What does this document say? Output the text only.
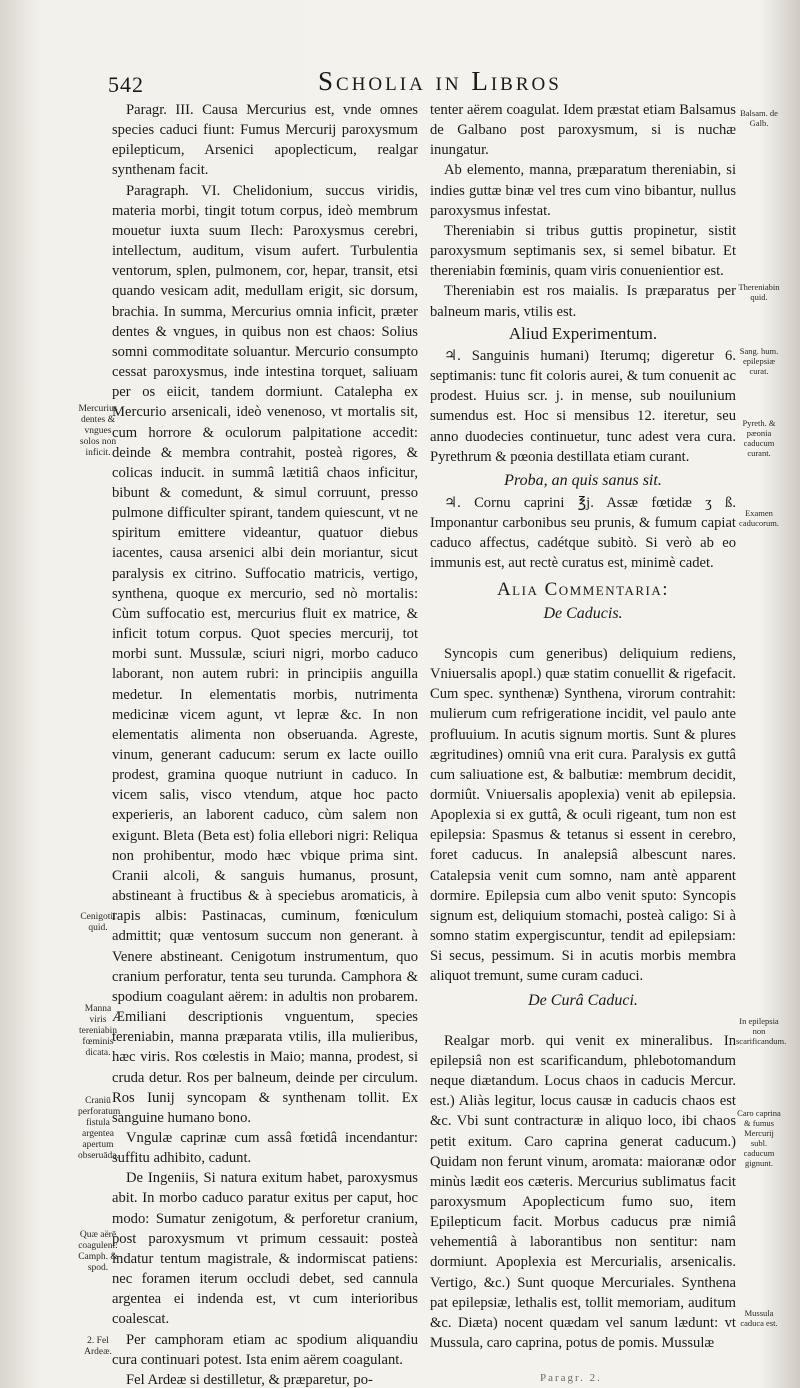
542	Scholia in Libros

Paragr. III. Causa Mercurius est, vnde omnes species caduci fiunt: Fumus Mercurij paroxysmum epilepticum, Arsenici apoplecticum, realgar synthenam facit.

Paragraph. VI. Chelidonium, succus viridis, materia morbi, tingit totum corpus, ideò membrum mouetur iuxta suum Ilech: Paroxysmus cerebri, intellectum, auditum, visum aufert. Turbulentia ventorum, splen, pulmonem, cor, hepar, transit, etsi quando vesicam adit, medullam erigit, sic dorsum, brachia. In summa, Mercurius omnia inficit, præter dentes & vngues, in quibus non est chaos: Solius somni commoditate soluantur. Mercurio consumpto cessat paroxysmus, inde intestina torquet, saliuam per os eiicit, tandem dormiunt. Catalepha ex Mercurio arsenicali, ideò venenoso, vt mortalis sit, cum horrore & oculorum palpitatione accedit: deinde & membra contrahit, posteà rigores, & colicas inducit. in summâ lætitiâ chaos inficitur, bibunt & comedunt, & simul corruunt, presso pulmone difficulter spirant, tandem quiescunt, vt ne spiritum emittere videantur, quatuor diebus iacentes, causa arsenici albi dein moriantur, sicut paralysis ex citrino. Suffocatio matricis, vertigo, synthena, quoque ex mercurio, sed nò mortalis: Cùm suffocatio est, mercurius fluit ex matrice, & inficit totum corpus. Quot species mercurij, tot morbi sunt. Mussulæ, sciuri nigri, morbo caduco laborant, non autem rubri: in principiis anguilla medetur. In elementatis morbis, nutrimenta medicinæ vicem agunt, vt lepræ &c. In non elementatis alimenta non obseruanda. Agreste, vinum, generant caducum: serum ex lacte ouillo prodest, gramina quoque nutriunt in caduco. In vicem salis, visco vtendum, atque hoc pacto experieris, an laborent caduco, cùm salem non exigunt. Bleta (Beta est) folia ellebori nigri: Reliqua non prohibentur, modo hæc vbique prima sint. Cranii alcoli, & sanguis humanus, prosunt, abstineant à fructibus & à speciebus aromaticis, à rapis albis: Pastinacas, cuminum, fœniculum admittit; quæ ventosum succum non generant. à Venere abstineant. Cenigotum instrumentum, quo cranium perforatur, tenta seu turunda. Camphora & spodium coagulant aërem: in adultis non probarem. Æmiliani descriptionis vnguentum, species tereniabin, manna præparata vtilis, illa mulieribus, hæc viris. Ros cœlestis in Maio; manna, prodest, si cruda detur. Ros per balneum, deinde per circulum. Ros Iunij syncopam & synthenam tollit. Ex sanguine humano bono.

Vngulæ caprinæ cum assâ fœtidâ incendantur: suffitu adhibito, cadunt.

De Ingeniis, Si natura exitum habet, paroxysmus abit. In morbo caduco paratur exitus per caput, hoc modo: Sumatur zenigotum, & perforetur cranium, post paroxysmum vt primum cessauit: posteà indatur tentum magistrale, & indormiscat patiens: nec foramen iterum occludi debet, sed cannula argentea ei indenda est, vt cum interioribus coalescat.

Per camphoram etiam ac spodium aliquandiu cura continuari potest. Ista enim aërem coagulant.

Fel Ardeæ si destilletur, & præparetur, po-

tenter aërem coagulat. Idem præstat etiam Balsamus de Galbano post paroxysmum, si is nuchæ inungatur.

Ab elemento, manna, præparatum thereniabin, si indies guttæ binæ vel tres cum vino bibantur, nullus paroxysmus infestat.

Thereniabin si tribus guttis propinetur, sistit paroxysmum septimanis sex, si semel bibatur. Et thereniabin fœminis, quam viris conuenientior est.

Thereniabin est ros maialis. Is præparatus per balneum maris, vtilis est.

Aliud Experimentum.

♃. Sanguinis humani) Iterumq; digeretur 6. septimanis: tunc fit coloris aurei, & tum conuenit ac prodest. Huius scr. j. in mense, sub nouilunium sumendus est. Hoc si mensibus 12. iteretur, seu anno duodecies continuetur, tunc adest vera cura. Pyrethrum & pœonia destillata etiam curant.

Proba, an quis sanus sit.

♃. Cornu caprini ℥j. Assæ fœtidæ ʒ ß. Imponantur carbonibus seu prunis, & fumum capiat caduco affectus, cadétque subitò. Si verò ab eo immunis est, aut rectè curatus est, minimè cadet.

Alia Commentaria:

De Caducis.

Syncopis cum generibus) deliquium rediens, Vniuersalis apopl.) quæ statim conuellit & rigefacit. Cum spec. synthenæ) Synthena, virorum contrahit: mulierum cum refrigeratione incidit, vel paulo ante profluuium. In acutis signum mortis. Sunt & plures ægritudines) omniû vna erit cura. Paralysis ex guttâ cum saliuatione est, & balbutiæ: membrum decidit, dormiût. Vniuersalis apoplexia) venit ab epilepsia. Apoplexia si ex guttâ, & oculi rigeant, tum non est epilepsia: Spasmus & tetanus si essent in cerebro, foret caducus. In analepsiâ albescunt nares. Catalepsia venit cum somno, nam antè apparent dormire. Epilepsia cum albo venit sputo: Syncopis signum est, deliquium stomachi, posteà caligo: Si à somno statim expergiscuntur, tendit ad epilepsiam: Si secus, pessimum. Si in acutis morbis membra aliquot tremunt, sume curam caduci.

De Curâ Caduci.

Realgar morb. qui venit ex mineralibus. In epilepsiâ non est scarificandum, phlebotomandum neque diætandum. Locus chaos in caducis Mercur. est.) Aliàs legitur, locus causæ in caducis chaos est &c. Vbi sunt contracturæ in aliquo loco, ibi chaos petit exitum. Caro caprina generat caducum.) Quidam non ferunt vinum, aromata: maioranæ odor minùs lædit eos cæteris. Mercurius sublimatus facit paroxysmum Apoplecticum fumo suo, item Epilepticum facit. Morbus caducus præ nimiâ vehementiâ à laborantibus non sentitur: nam dormiunt. Apoplexia est Mercurialis, arsenicalis. Vertigo, &c.) Sunt quoque Mercuriales. Synthena pat epilepsiæ, lethalis est, tollit memoriam, auditum &c. Diæta) nocent quædam vel sanum lædunt: vt Mussula, caro caprina, potus de pomis. Mussulæ

Mercurius dentes & vngues solos non inficit.
Cenigotii quid.
Manna viris tereniabin fœminis dicata.
Craniū perforatum fistula argentea apertum obseruāda.
Quæ aërē coagulent: Camph. & spod.
2. Fel Ardeæ.
Balsam. de Galb.
Thereniabin quid.
Sang. hum. epilepsiæ curat.
Pyreth. & pæonia caducum curant.
Examen caducorum.
In epilepsia non scarificandum.
Caro caprina & fumus Mercurij subl. caducum gignunt.
Mussula caduca est.
Paragr. 2.
